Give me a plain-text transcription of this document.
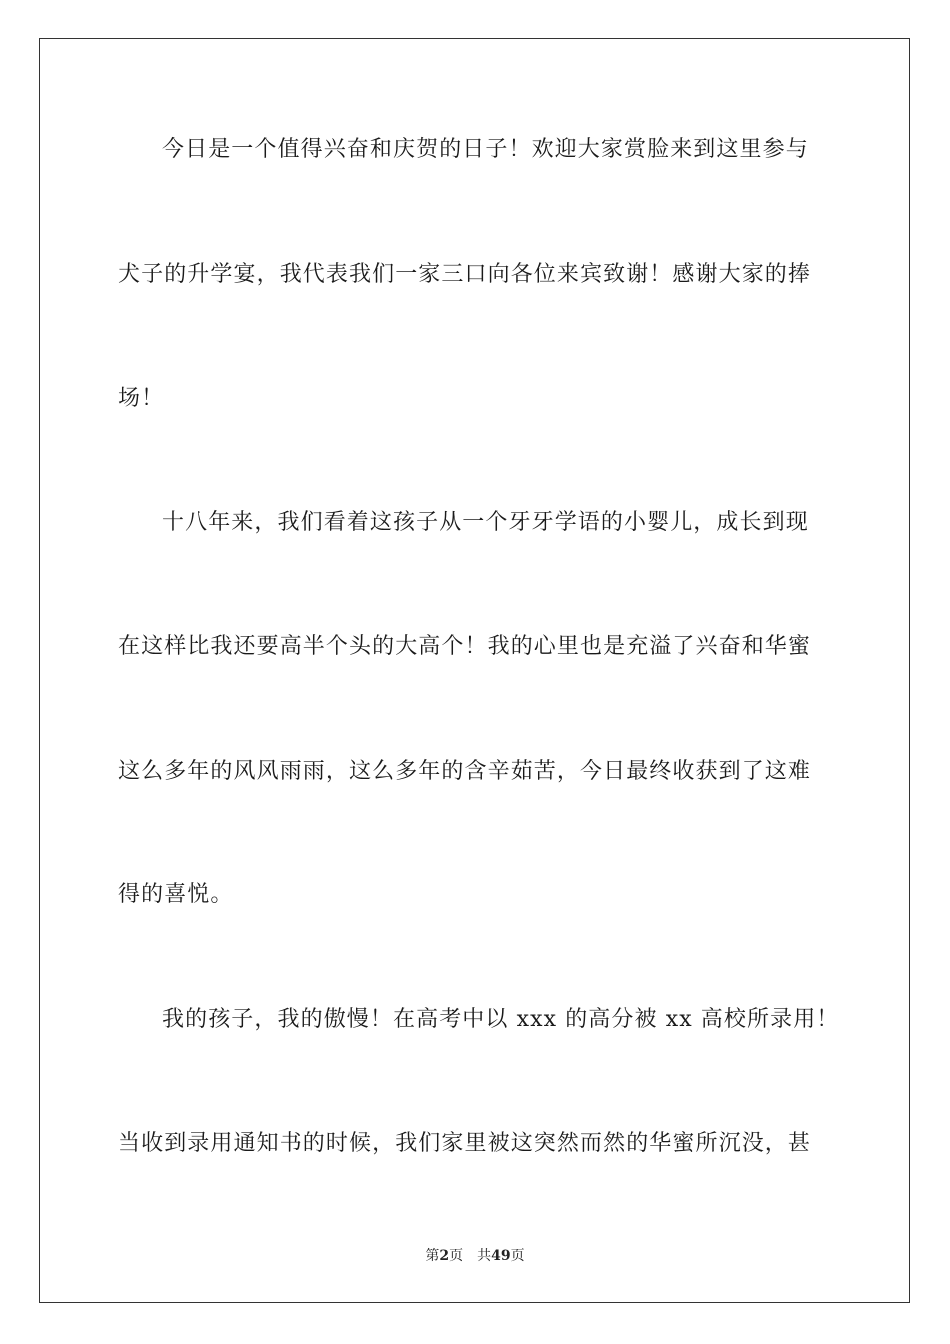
今日是一个值得兴奋和庆贺的日子！欢迎大家赏脸来到这里参与
犬子的升学宴，我代表我们一家三口向各位来宾致谢！感谢大家的捧
场！
十八年来，我们看着这孩子从一个牙牙学语的小婴儿，成长到现
在这样比我还要高半个头的大高个！我的心里也是充溢了兴奋和华蜜
这么多年的风风雨雨，这么多年的含辛茹苦，今日最终收获到了这难
得的喜悦。
我的孩子，我的傲慢！在高考中以 xxx 的高分被 xx 高校所录用！
当收到录用通知书的时候，我们家里被这突然而然的华蜜所沉没，甚
第2页 共49页
